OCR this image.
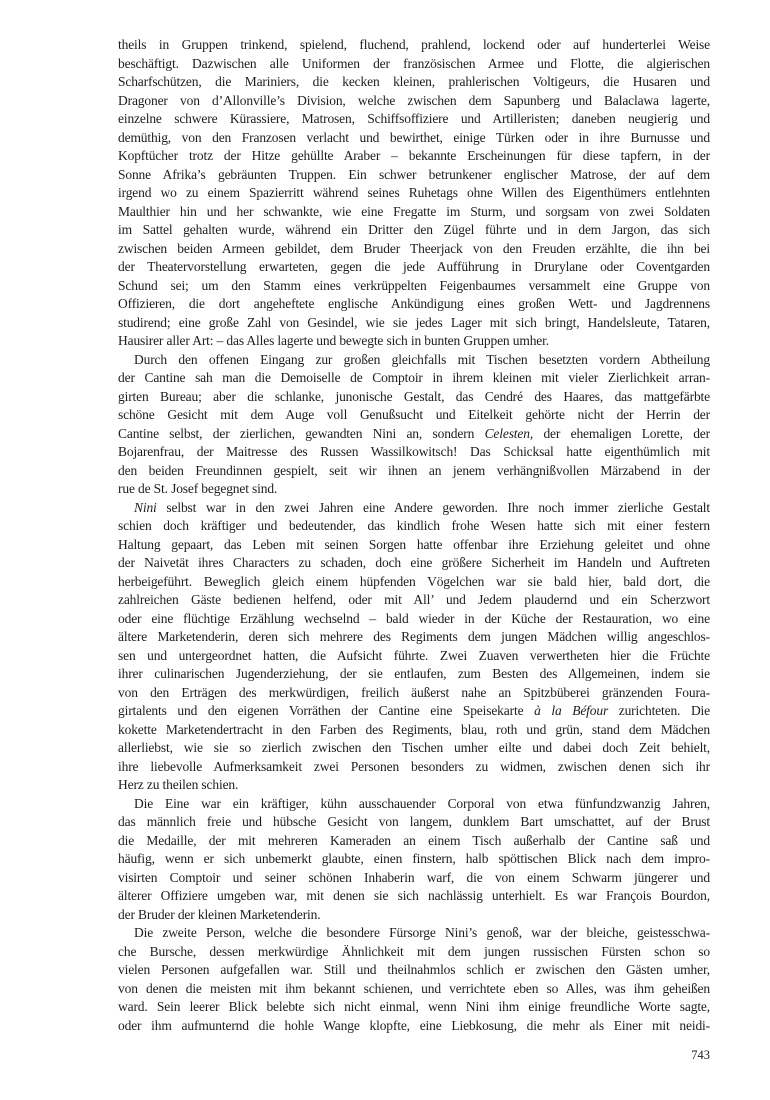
theils in Gruppen trinkend, spielend, fluchend, prahlend, lockend oder auf hunderterlei Weise
beschäftigt. Dazwischen alle Uniformen der französischen Armee und Flotte, die algierischen
Scharfschützen, die Mariniers, die kecken kleinen, prahlerischen Voltigeurs, die Husaren und
Dragoner von d’Allonville’s Division, welche zwischen dem Sapunberg und Balaclawa lagerte,
einzelne schwere Kürassiere, Matrosen, Schiffsoffiziere und Artilleristen; daneben neugierig und
demüthig, von den Franzosen verlacht und bewirthet, einige Türken oder in ihre Burnusse und
Kopftücher trotz der Hitze gehüllte Araber – bekannte Erscheinungen für diese tapfern, in der
Sonne Afrika’s gebräunten Truppen. Ein schwer betrunkener englischer Matrose, der auf dem
irgend wo zu einem Spazierritt während seines Ruhetags ohne Willen des Eigenthümers entlehnten
Maulthier hin und her schwankte, wie eine Fregatte im Sturm, und sorgsam von zwei Soldaten
im Sattel gehalten wurde, während ein Dritter den Zügel führte und in dem Jargon, das sich
zwischen beiden Armeen gebildet, dem Bruder Theerjack von den Freuden erzählte, die ihn bei
der Theatervorstellung erwarteten, gegen die jede Aufführung in Drurylane oder Coventgarden
Schund sei; um den Stamm eines verkrüppelten Feigenbaumes versammelt eine Gruppe von
Offizieren, die dort angeheftete englische Ankündigung eines großen Wett- und Jagdrennens
studirend; eine große Zahl von Gesindel, wie sie jedes Lager mit sich bringt, Handelsleute, Tataren,
Hausirer aller Art: – das Alles lagerte und bewegte sich in bunten Gruppen umher.
Durch den offenen Eingang zur großen gleichfalls mit Tischen besetzten vordern Abtheilung
der Cantine sah man die Demoiselle de Comptoir in ihrem kleinen mit vieler Zierlichkeit arran-
girten Bureau; aber die schlanke, junonische Gestalt, das Cendré des Haares, das mattgefärbte
schöne Gesicht mit dem Auge voll Genußsucht und Eitelkeit gehörte nicht der Herrin der
Cantine selbst, der zierlichen, gewandten Nini an, sondern Celesten, der ehemaligen Lorette, der
Bojarenfrau, der Maitresse des Russen Wassilkowitsch! Das Schicksal hatte eigenthümlich mit
den beiden Freundinnen gespielt, seit wir ihnen an jenem verhängnißvollen Märzabend in der
rue de St. Josef begegnet sind.
Nini selbst war in den zwei Jahren eine Andere geworden. Ihre noch immer zierliche Gestalt
schien doch kräftiger und bedeutender, das kindlich frohe Wesen hatte sich mit einer festern
Haltung gepaart, das Leben mit seinen Sorgen hatte offenbar ihre Erziehung geleitet und ohne
der Naivetät ihres Characters zu schaden, doch eine größere Sicherheit im Handeln und Auftreten
herbeigeführt. Beweglich gleich einem hüpfenden Vögelchen war sie bald hier, bald dort, die
zahlreichen Gäste bedienen helfend, oder mit All’ und Jedem plaudernd und ein Scherzwort
oder eine flüchtige Erzählung wechselnd – bald wieder in der Küche der Restauration, wo eine
ältere Marketenderin, deren sich mehrere des Regiments dem jungen Mädchen willig angeschlos-
sen und untergeordnet hatten, die Aufsicht führte. Zwei Zuaven verwertheten hier die Früchte
ihrer culinarischen Jugenderziehung, der sie entlaufen, zum Besten des Allgemeinen, indem sie
von den Erträgen des merkwürdigen, freilich äußerst nahe an Spitzbüberei gränzenden Foura-
girtalents und den eigenen Vorräthen der Cantine eine Speisekarte à la Béfour zurichteten. Die
kokette Marketendertracht in den Farben des Regiments, blau, roth und grün, stand dem Mädchen
allerliebst, wie sie so zierlich zwischen den Tischen umher eilte und dabei doch Zeit behielt,
ihre liebevolle Aufmerksamkeit zwei Personen besonders zu widmen, zwischen denen sich ihr
Herz zu theilen schien.
Die Eine war ein kräftiger, kühn ausschauender Corporal von etwa fünfundzwanzig Jahren,
das männlich freie und hübsche Gesicht von langem, dunklem Bart umschattet, auf der Brust
die Medaille, der mit mehreren Kameraden an einem Tisch außerhalb der Cantine saß und
häufig, wenn er sich unbemerkt glaubte, einen finstern, halb spöttischen Blick nach dem impro-
visirten Comptoir und seiner schönen Inhaberin warf, die von einem Schwarm jüngerer und
älterer Offiziere umgeben war, mit denen sie sich nachlässig unterhielt. Es war François Bourdon,
der Bruder der kleinen Marketenderin.
Die zweite Person, welche die besondere Fürsorge Nini’s genoß, war der bleiche, geistesschwa-
che Bursche, dessen merkwürdige Ähnlichkeit mit dem jungen russischen Fürsten schon so
vielen Personen aufgefallen war. Still und theilnahmlos schlich er zwischen den Gästen umher,
von denen die meisten mit ihm bekannt schienen, und verrichtete eben so Alles, was ihm geheißen
ward. Sein leerer Blick belebte sich nicht einmal, wenn Nini ihm einige freundliche Worte sagte,
oder ihm aufmunternd die hohle Wange klopfte, eine Liebkosung, die mehr als Einer mit neidi-
743
